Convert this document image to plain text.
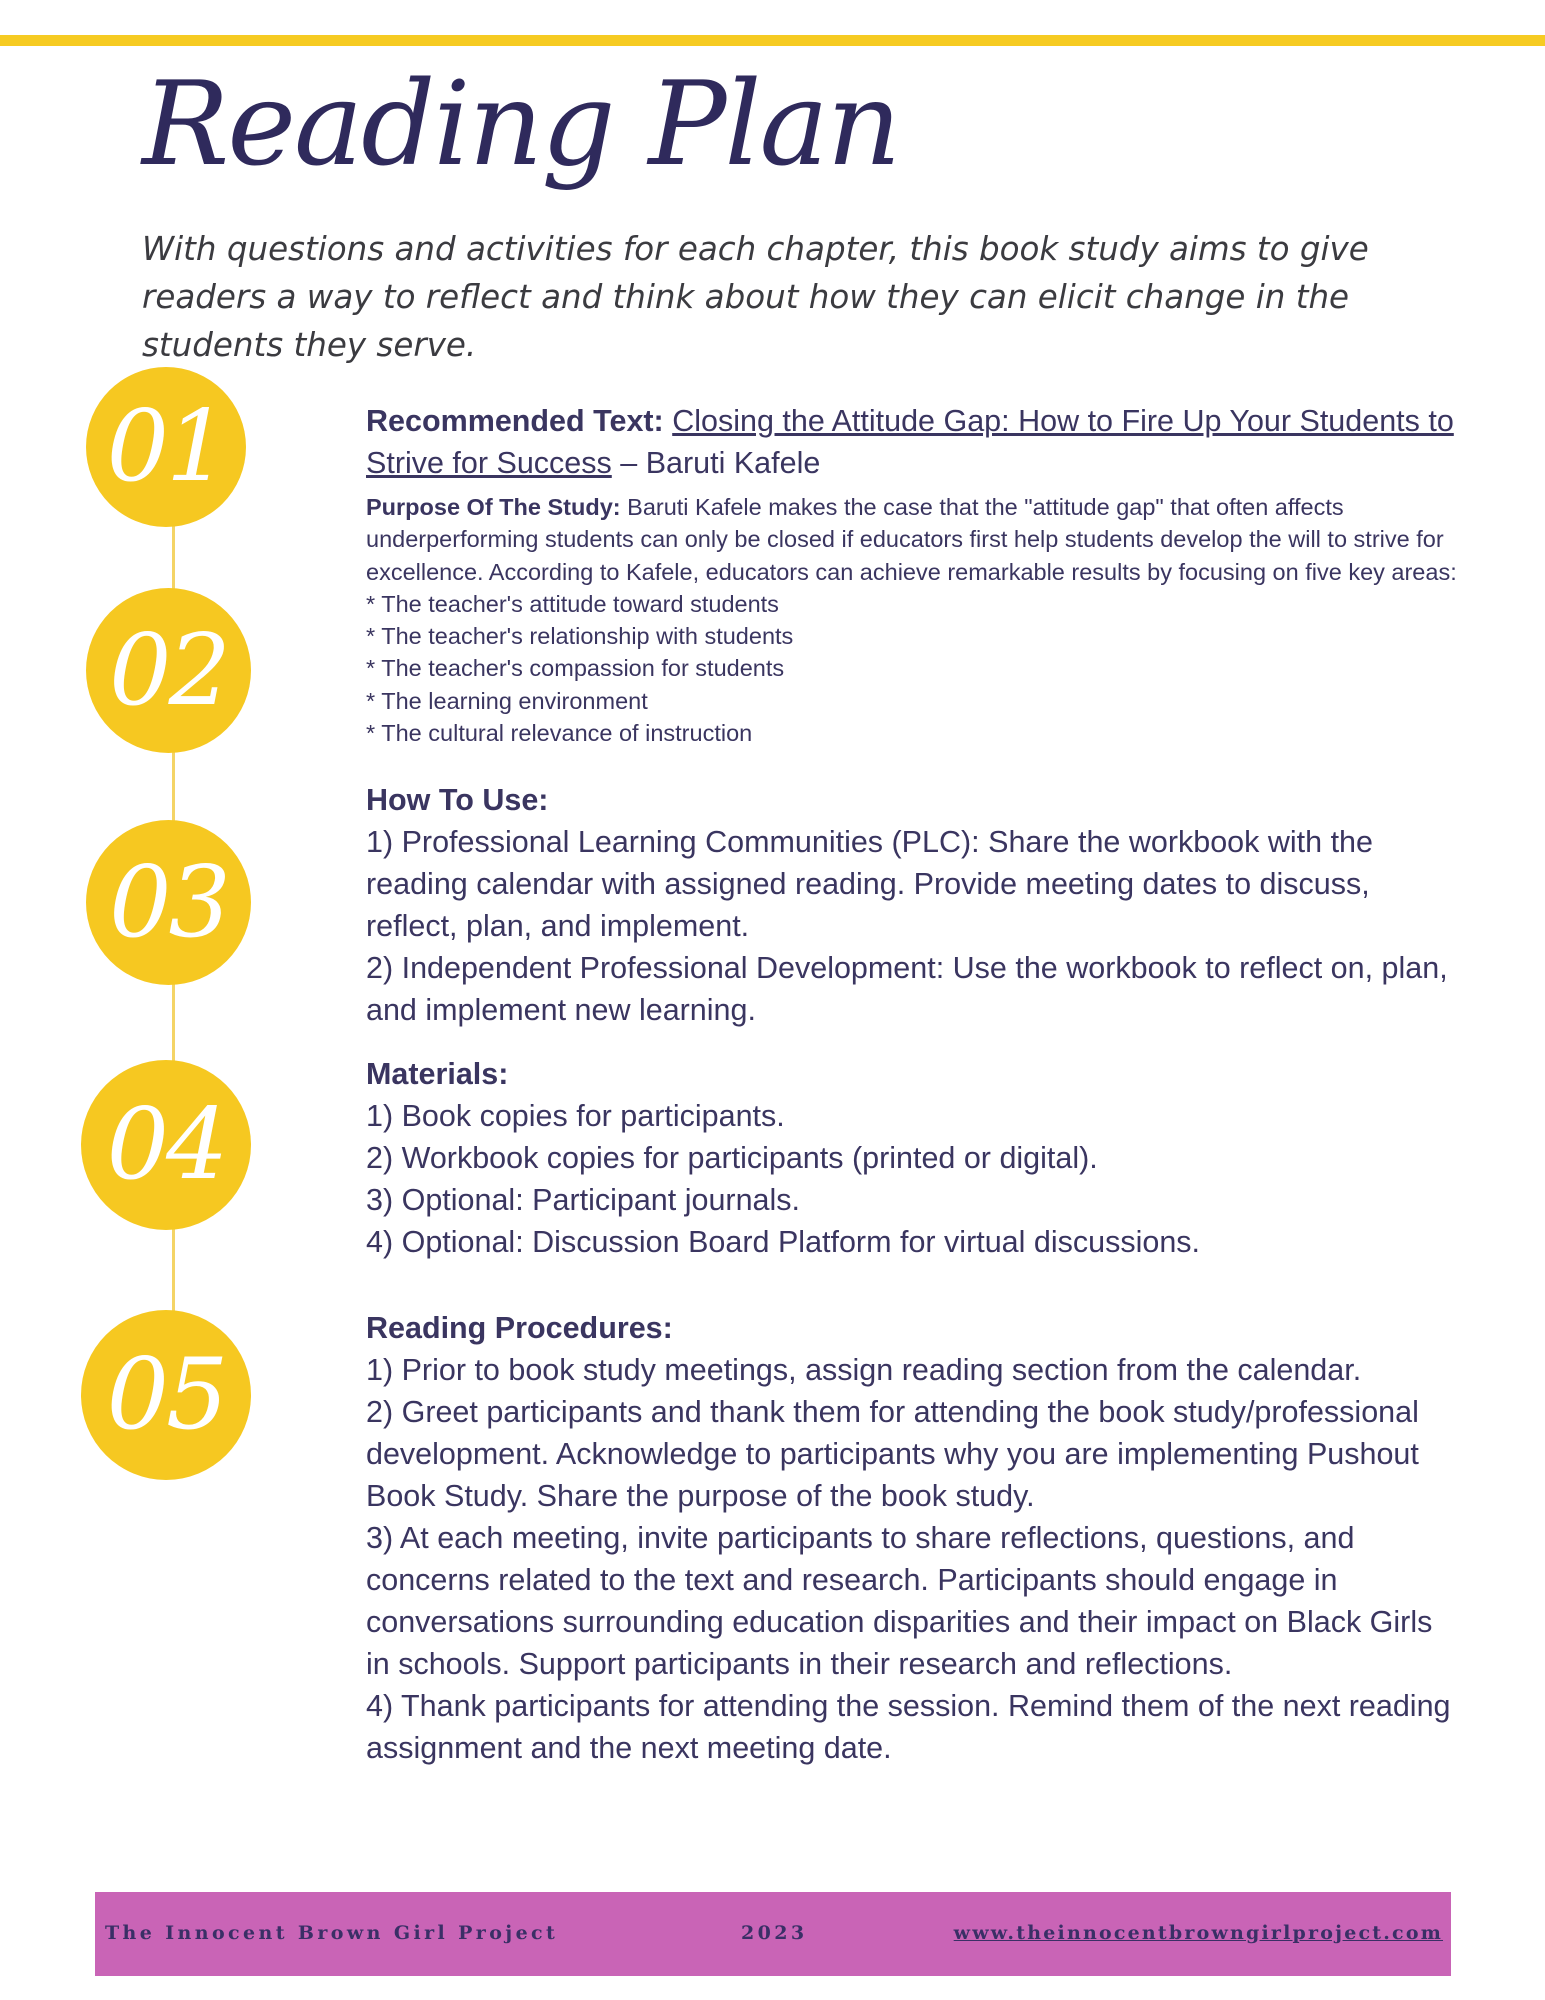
Reading Plan

With questions and activities for each chapter, this book study aims to give readers a way to reflect and think about how they can elicit change in the students they serve.

01
02
03
04
05

Recommended Text: Closing the Attitude Gap: How to Fire Up Your Students to Strive for Success – Baruti Kafele

Purpose Of The Study: Baruti Kafele makes the case that the "attitude gap" that often affects underperforming students can only be closed if educators first help students develop the will to strive for excellence. According to Kafele, educators can achieve remarkable results by focusing on five key areas:

* The teacher's attitude toward students

* The teacher's relationship with students

* The teacher's compassion for students

* The learning environment

* The cultural relevance of instruction

How To Use:

1) Professional Learning Communities (PLC): Share the workbook with the reading calendar with assigned reading. Provide meeting dates to discuss, reflect, plan, and implement.

2) Independent Professional Development: Use the workbook to reflect on, plan, and implement new learning.

Materials:

1) Book copies for participants.

2) Workbook copies for participants (printed or digital).

3) Optional: Participant journals.

4) Optional: Discussion Board Platform for virtual discussions.

Reading Procedures:

1) Prior to book study meetings, assign reading section from the calendar.

2) Greet participants and thank them for attending the book study/professional development. Acknowledge to participants why you are implementing Pushout Book Study. Share the purpose of the book study.

3) At each meeting, invite participants to share reflections, questions, and concerns related to the text and research. Participants should engage in conversations surrounding education disparities and their impact on Black Girls in schools. Support participants in their research and reflections.

4) Thank participants for attending the session. Remind them of the next reading assignment and the next meeting date.

The Innocent Brown Girl Project	2023	www.theinnocentbrowngirlproject.com
